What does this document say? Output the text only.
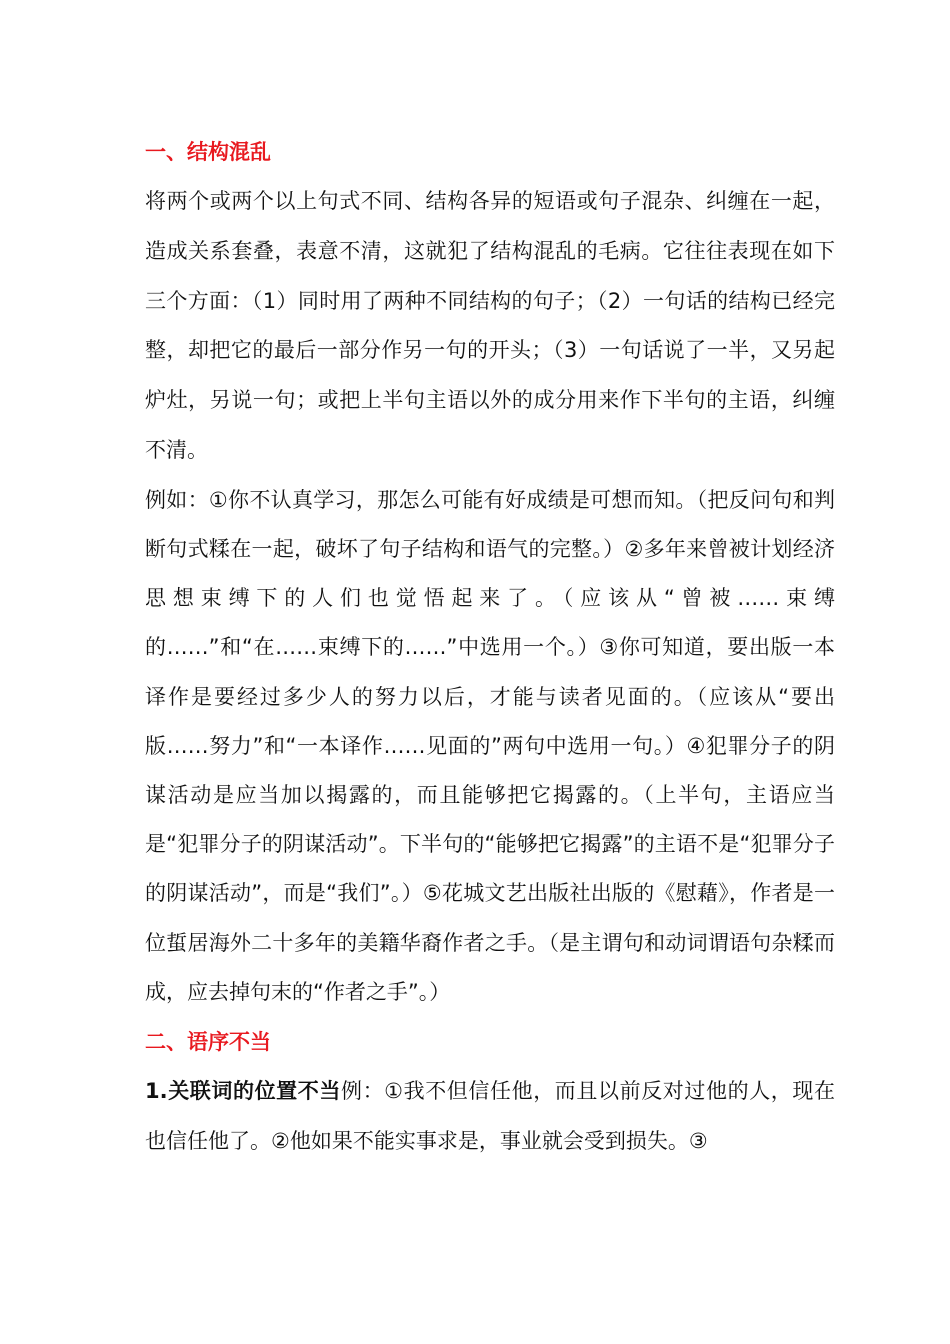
一、结构混乱

将两个或两个以上句式不同、结构各异的短语或句子混杂、纠缠在一起，造成关系套叠，表意不清，这就犯了结构混乱的毛病。它往往表现在如下三个方面：（1）同时用了两种不同结构的句子；（2）一句话的结构已经完整，却把它的最后一部分作另一句的开头；（3）一句话说了一半，又另起炉灶，另说一句；或把上半句主语以外的成分用来作下半句的主语，纠缠不清。

例如：①你不认真学习，那怎么可能有好成绩是可想而知。（把反问句和判断句式糅在一起，破坏了句子结构和语气的完整。）②多年来曾被计划经济思想束缚下的人们也觉悟起来了。（应该从“曾被……束缚的……”和“在……束缚下的……”中选用一个。）③你可知道，要出版一本译作是要经过多少人的努力以后，才能与读者见面的。（应该从“要出版……努力”和“一本译作……见面的”两句中选用一句。）④犯罪分子的阴谋活动是应当加以揭露的，而且能够把它揭露的。（上半句，主语应当是“犯罪分子的阴谋活动”。下半句的“能够把它揭露”的主语不是“犯罪分子的阴谋活动”，而是“我们”。）⑤花城文艺出版社出版的《慰藉》，作者是一位蜇居海外二十多年的美籍华裔作者之手。（是主谓句和动词谓语句杂糅而成，应去掉句末的“作者之手”。）

二、语序不当

1.关联词的位置不当例：①我不但信任他，而且以前反对过他的人，现在也信任他了。②他如果不能实事求是，事业就会受到损失。③
